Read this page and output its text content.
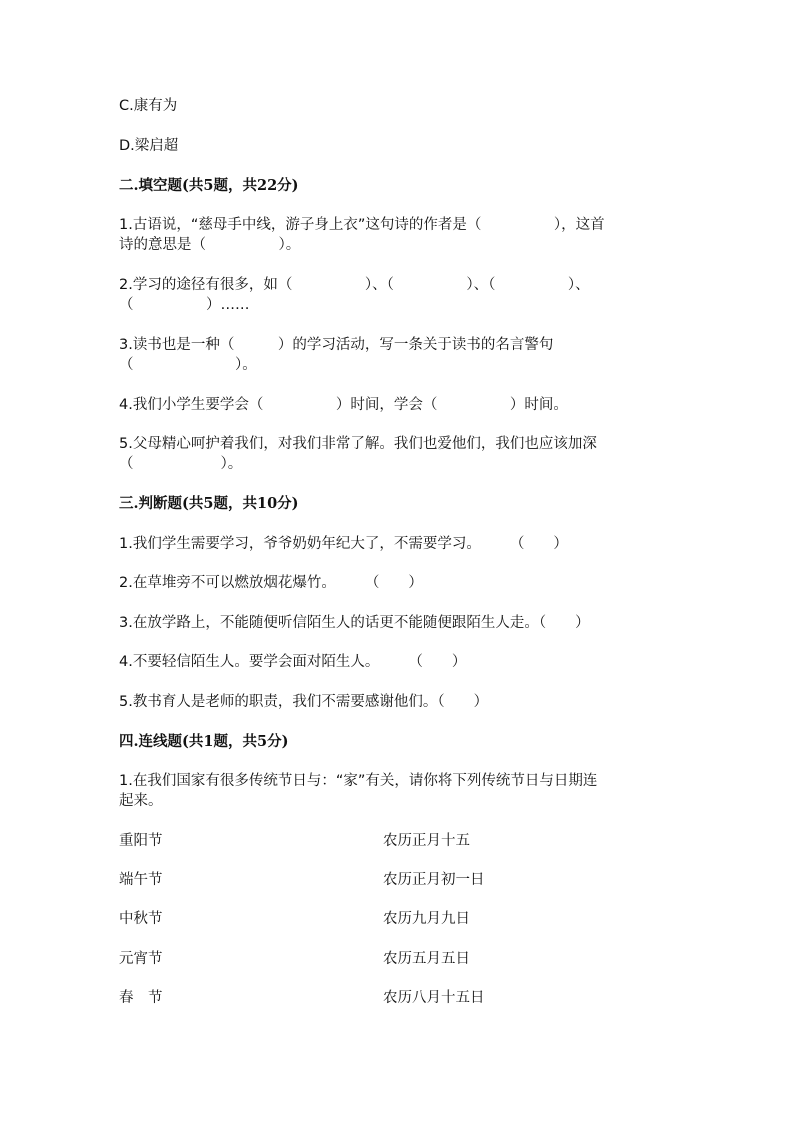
C.康有为
D.梁启超
二.填空题(共5题，共22分)
1.古语说，“慈母手中线，游子身上衣”这句诗的作者是（　　　　　），这首
诗的意思是（　　　　　）。
2.学习的途径有很多，如（　　　　　）、（　　　　　）、（　　　　　）、
（　　　　　）……
3.读书也是一种（　　　）的学习活动，写一条关于读书的名言警句
（　　　　　　　）。
4.我们小学生要学会（　　　　　）时间，学会（　　　　　）时间。
5.父母精心呵护着我们，对我们非常了解。我们也爱他们，我们也应该加深
（　　　　　　）。
三.判断题(共5题，共10分)
1.我们学生需要学习，爷爷奶奶年纪大了，不需要学习。　　　（　　）
2.在草堆旁不可以燃放烟花爆竹。　　　（　　）
3.在放学路上，不能随便听信陌生人的话更不能随便跟陌生人走。（　　）
4.不要轻信陌生人。要学会面对陌生人。　　　（　　）
5.教书育人是老师的职责，我们不需要感谢他们。（　　）
四.连线题(共1题，共5分)
1.在我们国家有很多传统节日与：“家”有关，请你将下列传统节日与日期连
起来。
重阳节	农历正月十五
端午节	农历正月初一日
中秋节	农历九月九日
元宵节	农历五月五日
春　节	农历八月十五日
